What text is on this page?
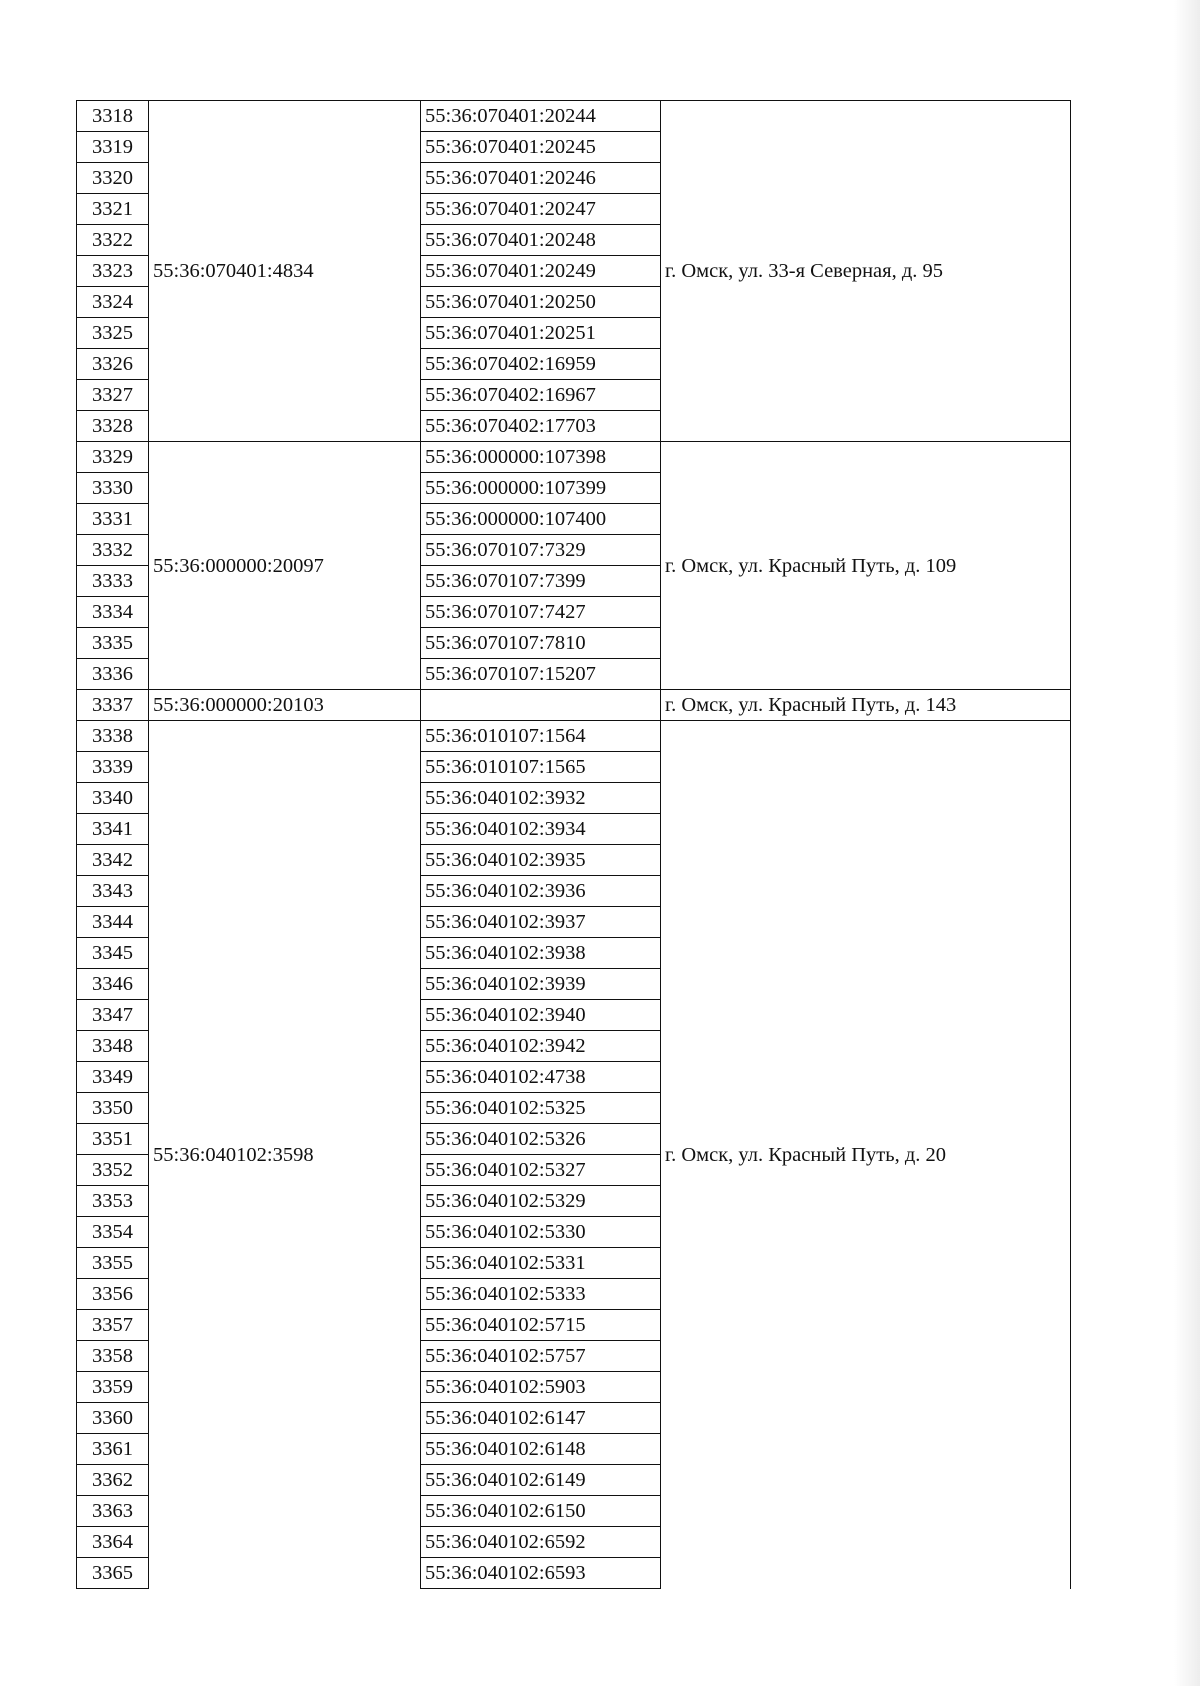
3318	55:36:070401:4834	55:36:070401:20244	г. Омск, ул. 33-я Северная, д. 95
3319		55:36:070401:20245	
3320		55:36:070401:20246	
3321		55:36:070401:20247	
3322		55:36:070401:20248	
3323		55:36:070401:20249	
3324		55:36:070401:20250	
3325		55:36:070401:20251	
3326		55:36:070402:16959	
3327		55:36:070402:16967	
3328		55:36:070402:17703	
3329	55:36:000000:20097	55:36:000000:107398	г. Омск, ул. Красный Путь, д. 109
3330		55:36:000000:107399	
3331		55:36:000000:107400	
3332		55:36:070107:7329	
3333		55:36:070107:7399	
3334		55:36:070107:7427	
3335		55:36:070107:7810	
3336		55:36:070107:15207	
3337	55:36:000000:20103		г. Омск, ул. Красный Путь, д. 143
3338	55:36:040102:3598	55:36:010107:1564	г. Омск, ул. Красный Путь, д. 20
3339		55:36:010107:1565	
3340		55:36:040102:3932	
3341		55:36:040102:3934	
3342		55:36:040102:3935	
3343		55:36:040102:3936	
3344		55:36:040102:3937	
3345		55:36:040102:3938	
3346		55:36:040102:3939	
3347		55:36:040102:3940	
3348		55:36:040102:3942	
3349		55:36:040102:4738	
3350		55:36:040102:5325	
3351		55:36:040102:5326	
3352		55:36:040102:5327	
3353		55:36:040102:5329	
3354		55:36:040102:5330	
3355		55:36:040102:5331	
3356		55:36:040102:5333	
3357		55:36:040102:5715	
3358		55:36:040102:5757	
3359		55:36:040102:5903	
3360		55:36:040102:6147	
3361		55:36:040102:6148	
3362		55:36:040102:6149	
3363		55:36:040102:6150	
3364		55:36:040102:6592	
3365		55:36:040102:6593	
